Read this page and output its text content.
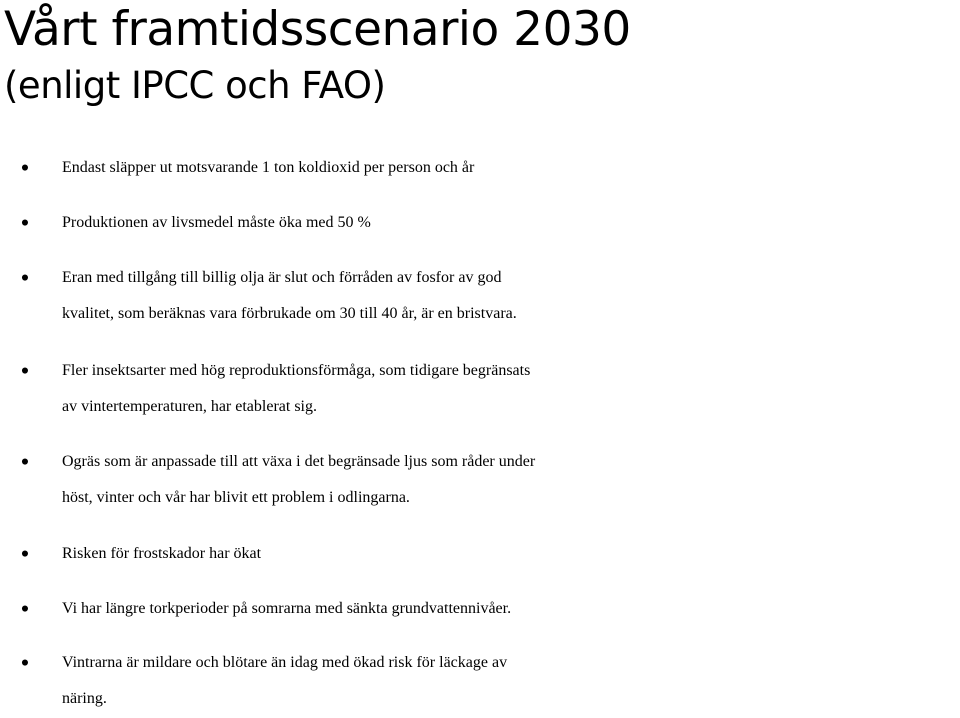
Vårt framtidsscenario 2030
(enligt IPCC och FAO)
• Endast släpper ut motsvarande 1 ton koldioxid per person och år
• Produktionen av livsmedel måste öka med 50 %
• Eran med tillgång till billig olja är slut och förråden av fosfor av god
kvalitet, som beräknas vara förbrukade om 30 till 40 år, är en bristvara.
• Fler insektsarter med hög reproduktionsförmåga, som tidigare begränsats
av vintertemperaturen, har etablerat sig.
• Ogräs som är anpassade till att växa i det begränsade ljus som råder under
höst, vinter och vår har blivit ett problem i odlingarna.
• Risken för frostskador har ökat
• Vi har längre torkperioder på somrarna med sänkta grundvattennivåer.
• Vintrarna är mildare och blötare än idag med ökad risk för läckage av
näring.
